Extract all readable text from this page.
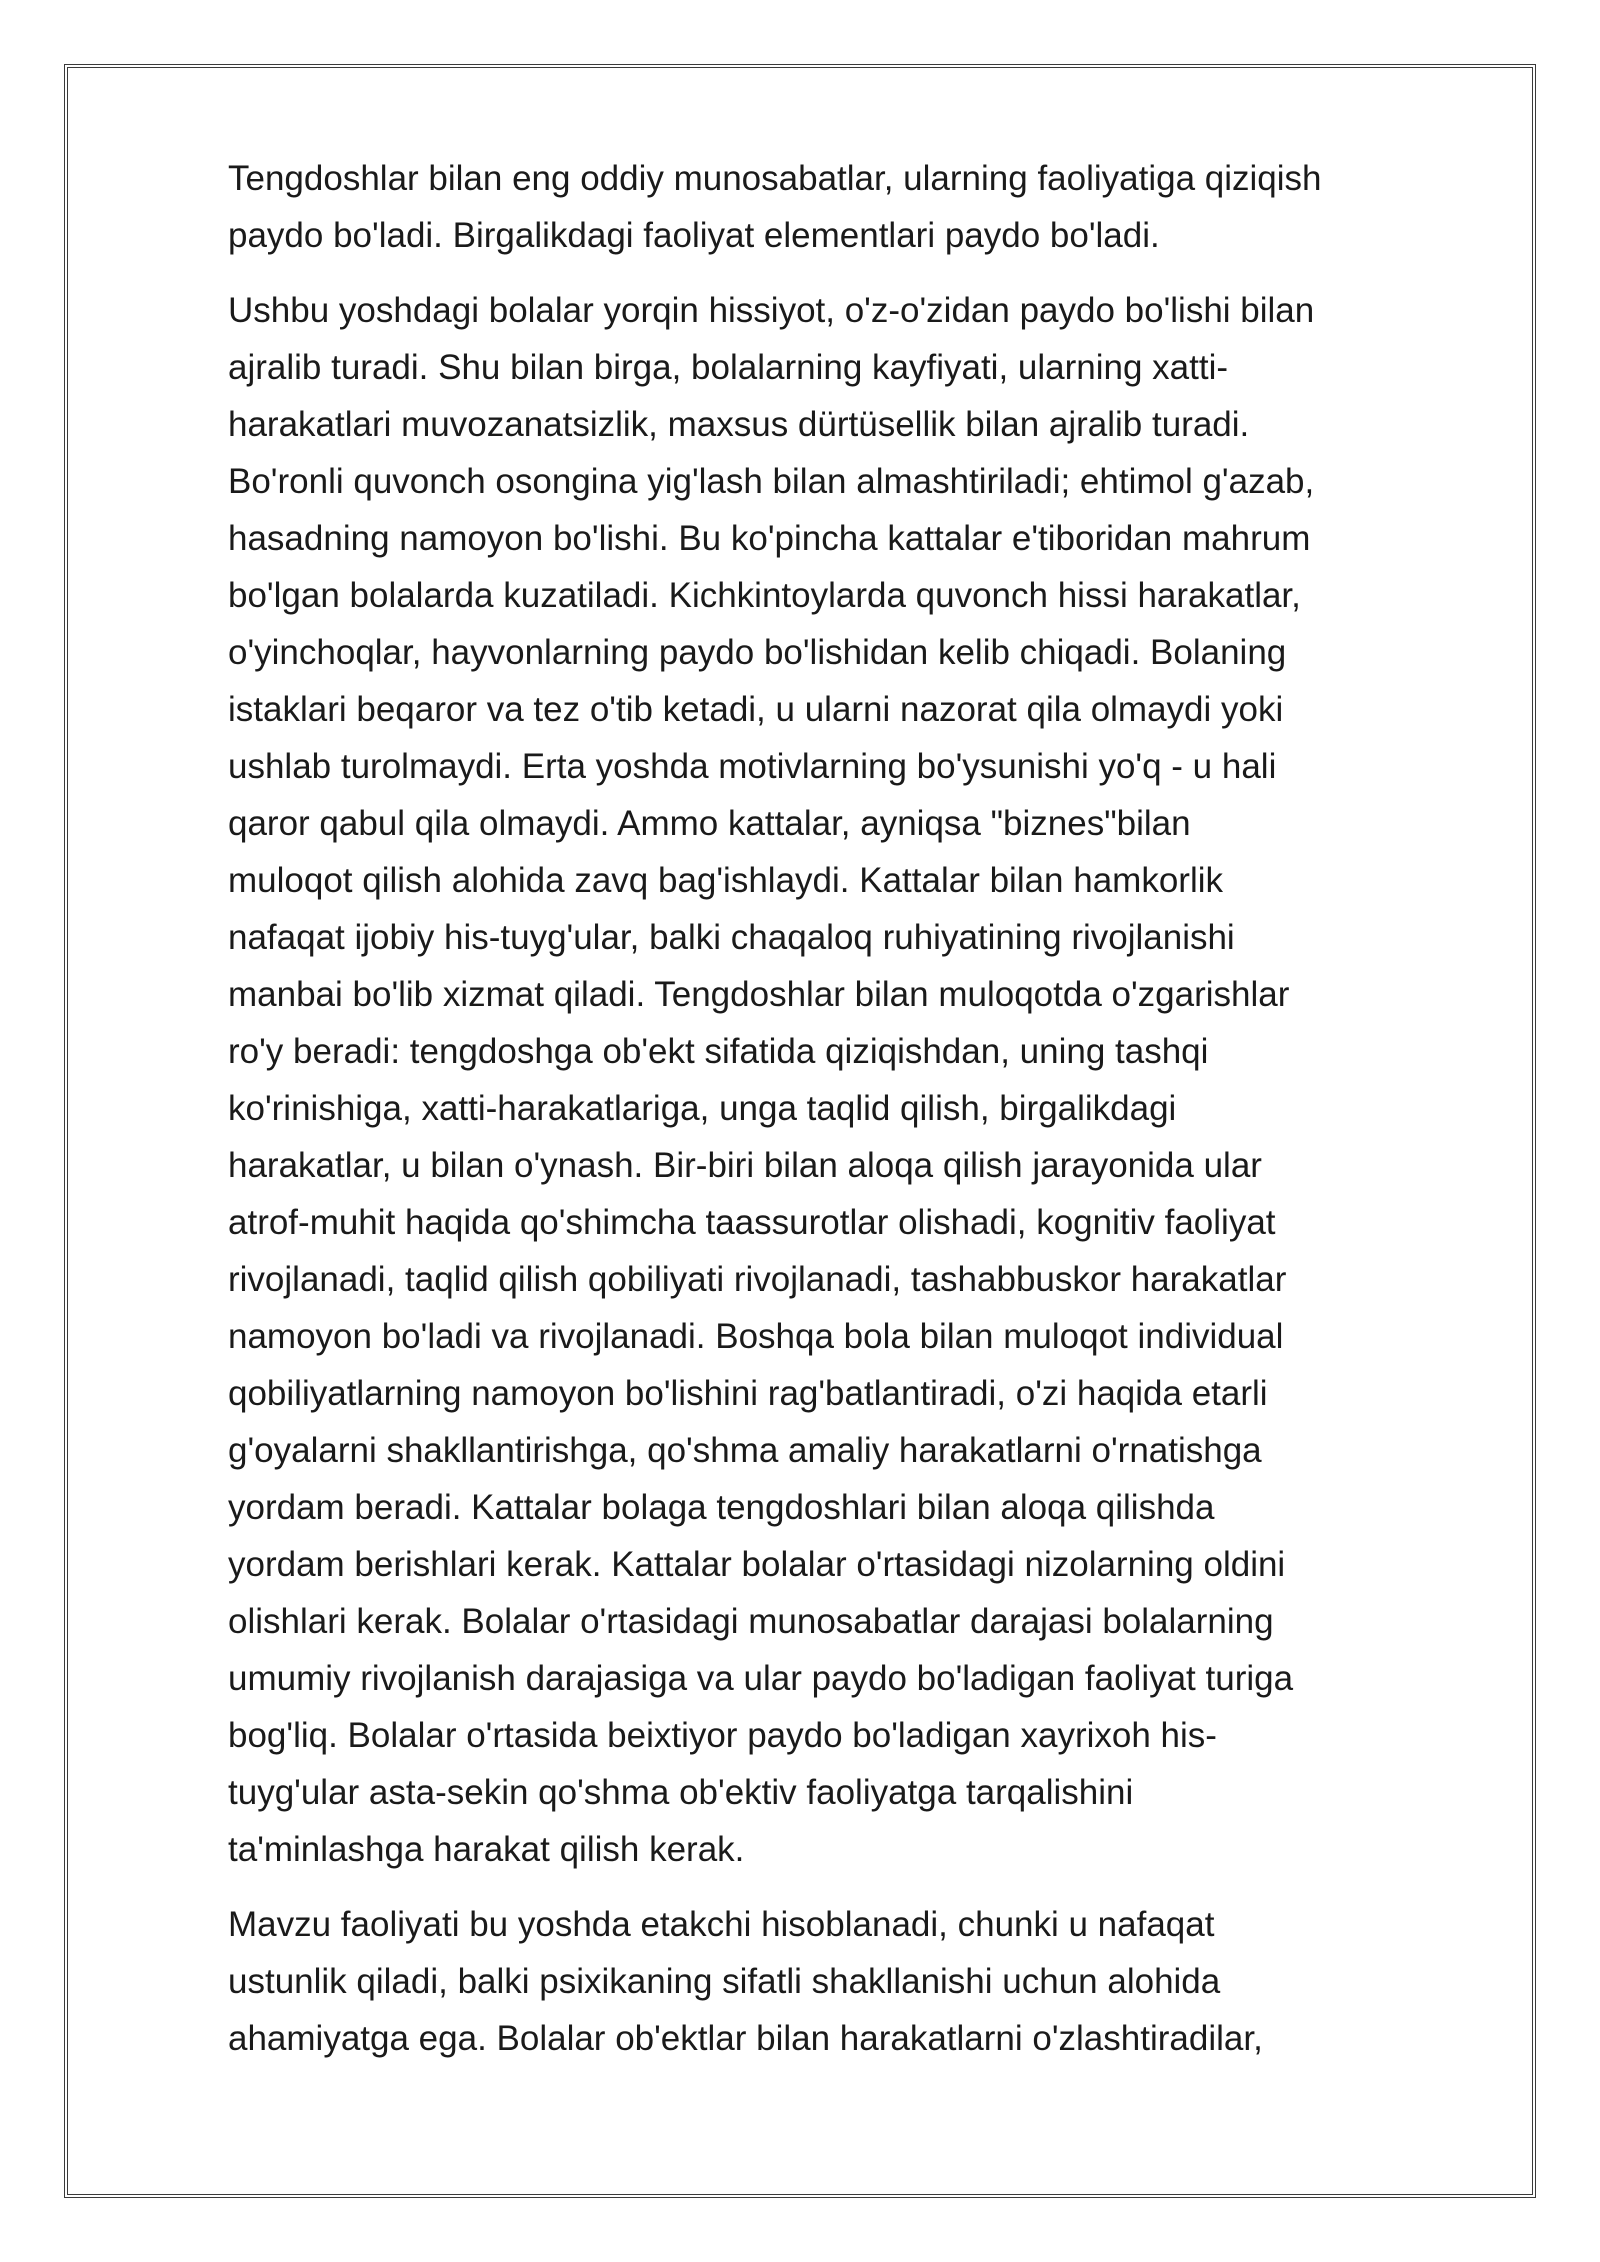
Tengdoshlar bilan eng oddiy munosabatlar, ularning faoliyatiga qiziqish
paydo bo'ladi. Birgalikdagi faoliyat elementlari paydo bo'ladi.

Ushbu yoshdagi bolalar yorqin hissiyot, o'z-o'zidan paydo bo'lishi bilan
ajralib turadi. Shu bilan birga, bolalarning kayfiyati, ularning xatti-
harakatlari muvozanatsizlik, maxsus dürtüsellik bilan ajralib turadi.
Bo'ronli quvonch osongina yig'lash bilan almashtiriladi; ehtimol g'azab,
hasadning namoyon bo'lishi. Bu ko'pincha kattalar e'tiboridan mahrum
bo'lgan bolalarda kuzatiladi. Kichkintoylarda quvonch hissi harakatlar,
o'yinchoqlar, hayvonlarning paydo bo'lishidan kelib chiqadi. Bolaning
istaklari beqaror va tez o'tib ketadi, u ularni nazorat qila olmaydi yoki
ushlab turolmaydi. Erta yoshda motivlarning bo'ysunishi yo'q - u hali
qaror qabul qila olmaydi. Ammo kattalar, ayniqsa "biznes"bilan
muloqot qilish alohida zavq bag'ishlaydi. Kattalar bilan hamkorlik
nafaqat ijobiy his-tuyg'ular, balki chaqaloq ruhiyatining rivojlanishi
manbai bo'lib xizmat qiladi. Tengdoshlar bilan muloqotda o'zgarishlar
ro'y beradi: tengdoshga ob'ekt sifatida qiziqishdan, uning tashqi
ko'rinishiga, xatti-harakatlariga, unga taqlid qilish, birgalikdagi
harakatlar, u bilan o'ynash. Bir-biri bilan aloqa qilish jarayonida ular
atrof-muhit haqida qo'shimcha taassurotlar olishadi, kognitiv faoliyat
rivojlanadi, taqlid qilish qobiliyati rivojlanadi, tashabbuskor harakatlar
namoyon bo'ladi va rivojlanadi. Boshqa bola bilan muloqot individual
qobiliyatlarning namoyon bo'lishini rag'batlantiradi, o'zi haqida etarli
g'oyalarni shakllantirishga, qo'shma amaliy harakatlarni o'rnatishga
yordam beradi. Kattalar bolaga tengdoshlari bilan aloqa qilishda
yordam berishlari kerak. Kattalar bolalar o'rtasidagi nizolarning oldini
olishlari kerak. Bolalar o'rtasidagi munosabatlar darajasi bolalarning
umumiy rivojlanish darajasiga va ular paydo bo'ladigan faoliyat turiga
bog'liq. Bolalar o'rtasida beixtiyor paydo bo'ladigan xayrixoh his-
tuyg'ular asta-sekin qo'shma ob'ektiv faoliyatga tarqalishini
ta'minlashga harakat qilish kerak.

Mavzu faoliyati bu yoshda etakchi hisoblanadi, chunki u nafaqat
ustunlik qiladi, balki psixikaning sifatli shakllanishi uchun alohida
ahamiyatga ega. Bolalar ob'ektlar bilan harakatlarni o'zlashtiradilar,
